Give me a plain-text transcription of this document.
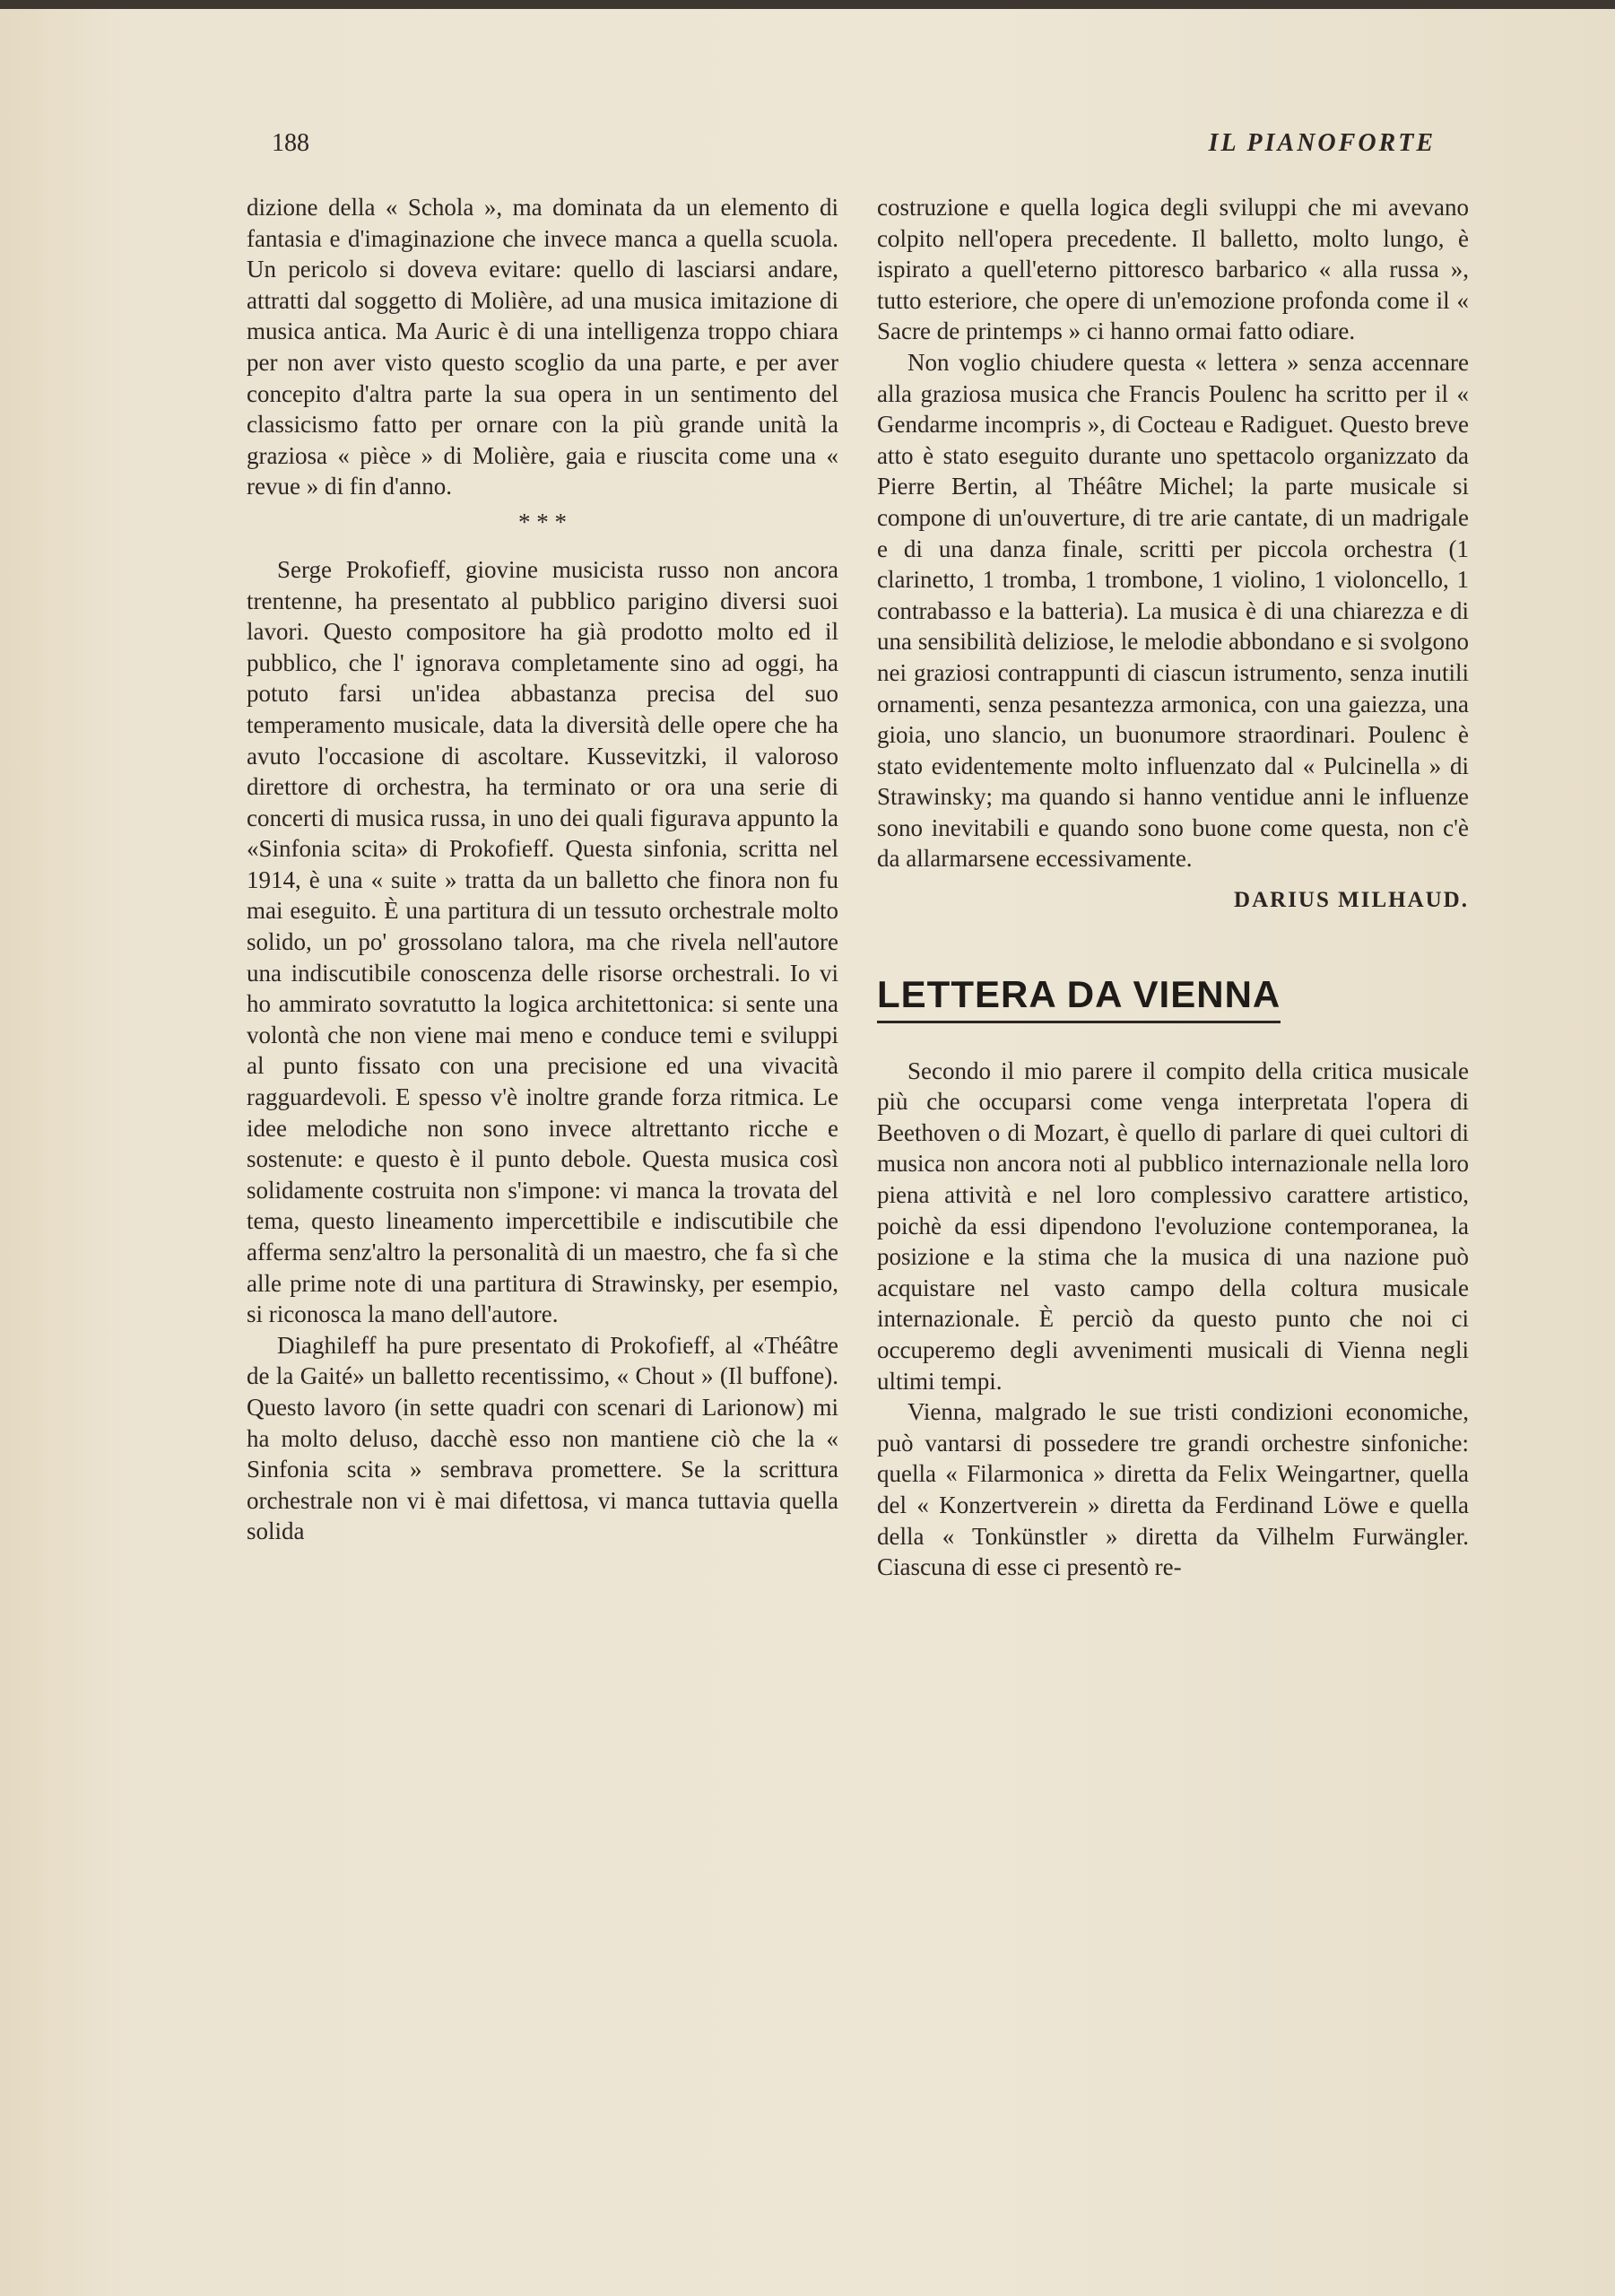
188	IL PIANOFORTE

dizione della « Schola », ma dominata da un elemento di fantasia e d'imaginazione che invece manca a quella scuola. Un pericolo si doveva evitare: quello di lasciarsi andare, attratti dal soggetto di Molière, ad una musica imitazione di musica antica. Ma Auric è di una intelligenza troppo chiara per non aver visto questo scoglio da una parte, e per aver concepito d'altra parte la sua opera in un sentimento del classicismo fatto per ornare con la più grande unità la graziosa « pièce » di Molière, gaia e riuscita come una « revue » di fin d'anno.

* * *

Serge Prokofieff, giovine musicista russo non ancora trentenne, ha presentato al pubblico parigino diversi suoi lavori. Questo compositore ha già prodotto molto ed il pubblico, che l' ignorava completamente sino ad oggi, ha potuto farsi un'idea abbastanza precisa del suo temperamento musicale, data la diversità delle opere che ha avuto l'occasione di ascoltare. Kussevitzki, il valoroso direttore di orchestra, ha terminato or ora una serie di concerti di musica russa, in uno dei quali figurava appunto la «Sinfonia scita» di Prokofieff. Questa sinfonia, scritta nel 1914, è una « suite » tratta da un balletto che finora non fu mai eseguito. È una partitura di un tessuto orchestrale molto solido, un po' grossolano talora, ma che rivela nell'autore una indiscutibile conoscenza delle risorse orchestrali. Io vi ho ammirato sovratutto la logica architettonica: si sente una volontà che non viene mai meno e conduce temi e sviluppi al punto fissato con una precisione ed una vivacità ragguardevoli. E spesso v'è inoltre grande forza ritmica. Le idee melodiche non sono invece altrettanto ricche e sostenute: e questo è il punto debole. Questa musica così solidamente costruita non s'impone: vi manca la trovata del tema, questo lineamento impercettibile e indiscutibile che afferma senz'altro la personalità di un maestro, che fa sì che alle prime note di una partitura di Strawinsky, per esempio, si riconosca la mano dell'autore.

Diaghileff ha pure presentato di Prokofieff, al «Théâtre de la Gaité» un balletto recentissimo, « Chout » (Il buffone). Questo lavoro (in sette quadri con scenari di Larionow) mi ha molto deluso, dacchè esso non mantiene ciò che la « Sinfonia scita » sembrava promettere. Se la scrittura orchestrale non vi è mai difettosa, vi manca tuttavia quella solida

costruzione e quella logica degli sviluppi che mi avevano colpito nell'opera precedente. Il balletto, molto lungo, è ispirato a quell'eterno pittoresco barbarico « alla russa », tutto esteriore, che opere di un'emozione profonda come il « Sacre de printemps » ci hanno ormai fatto odiare.

Non voglio chiudere questa « lettera » senza accennare alla graziosa musica che Francis Poulenc ha scritto per il « Gendarme incompris », di Cocteau e Radiguet. Questo breve atto è stato eseguito durante uno spettacolo organizzato da Pierre Bertin, al Théâtre Michel; la parte musicale si compone di un'ouverture, di tre arie cantate, di un madrigale e di una danza finale, scritti per piccola orchestra (1 clarinetto, 1 tromba, 1 trombone, 1 violino, 1 violoncello, 1 contrabasso e la batteria). La musica è di una chiarezza e di una sensibilità deliziose, le melodie abbondano e si svolgono nei graziosi contrappunti di ciascun istrumento, senza inutili ornamenti, senza pesantezza armonica, con una gaiezza, una gioia, uno slancio, un buonumore straordinari. Poulenc è stato evidentemente molto influenzato dal « Pulcinella » di Strawinsky; ma quando si hanno ventidue anni le influenze sono inevitabili e quando sono buone come questa, non c'è da allarmarsene eccessivamente.

DARIUS MILHAUD.
LETTERA DA VIENNA

Secondo il mio parere il compito della critica musicale più che occuparsi come venga interpretata l'opera di Beethoven o di Mozart, è quello di parlare di quei cultori di musica non ancora noti al pubblico internazionale nella loro piena attività e nel loro complessivo carattere artistico, poichè da essi dipendono l'evoluzione contemporanea, la posizione e la stima che la musica di una nazione può acquistare nel vasto campo della coltura musicale internazionale. È perciò da questo punto che noi ci occuperemo degli avvenimenti musicali di Vienna negli ultimi tempi.

Vienna, malgrado le sue tristi condizioni economiche, può vantarsi di possedere tre grandi orchestre sinfoniche: quella « Filarmonica » diretta da Felix Weingartner, quella del « Konzertverein » diretta da Ferdinand Löwe e quella della « Tonkünstler » diretta da Vilhelm Furwängler. Ciascuna di esse ci presentò re-
